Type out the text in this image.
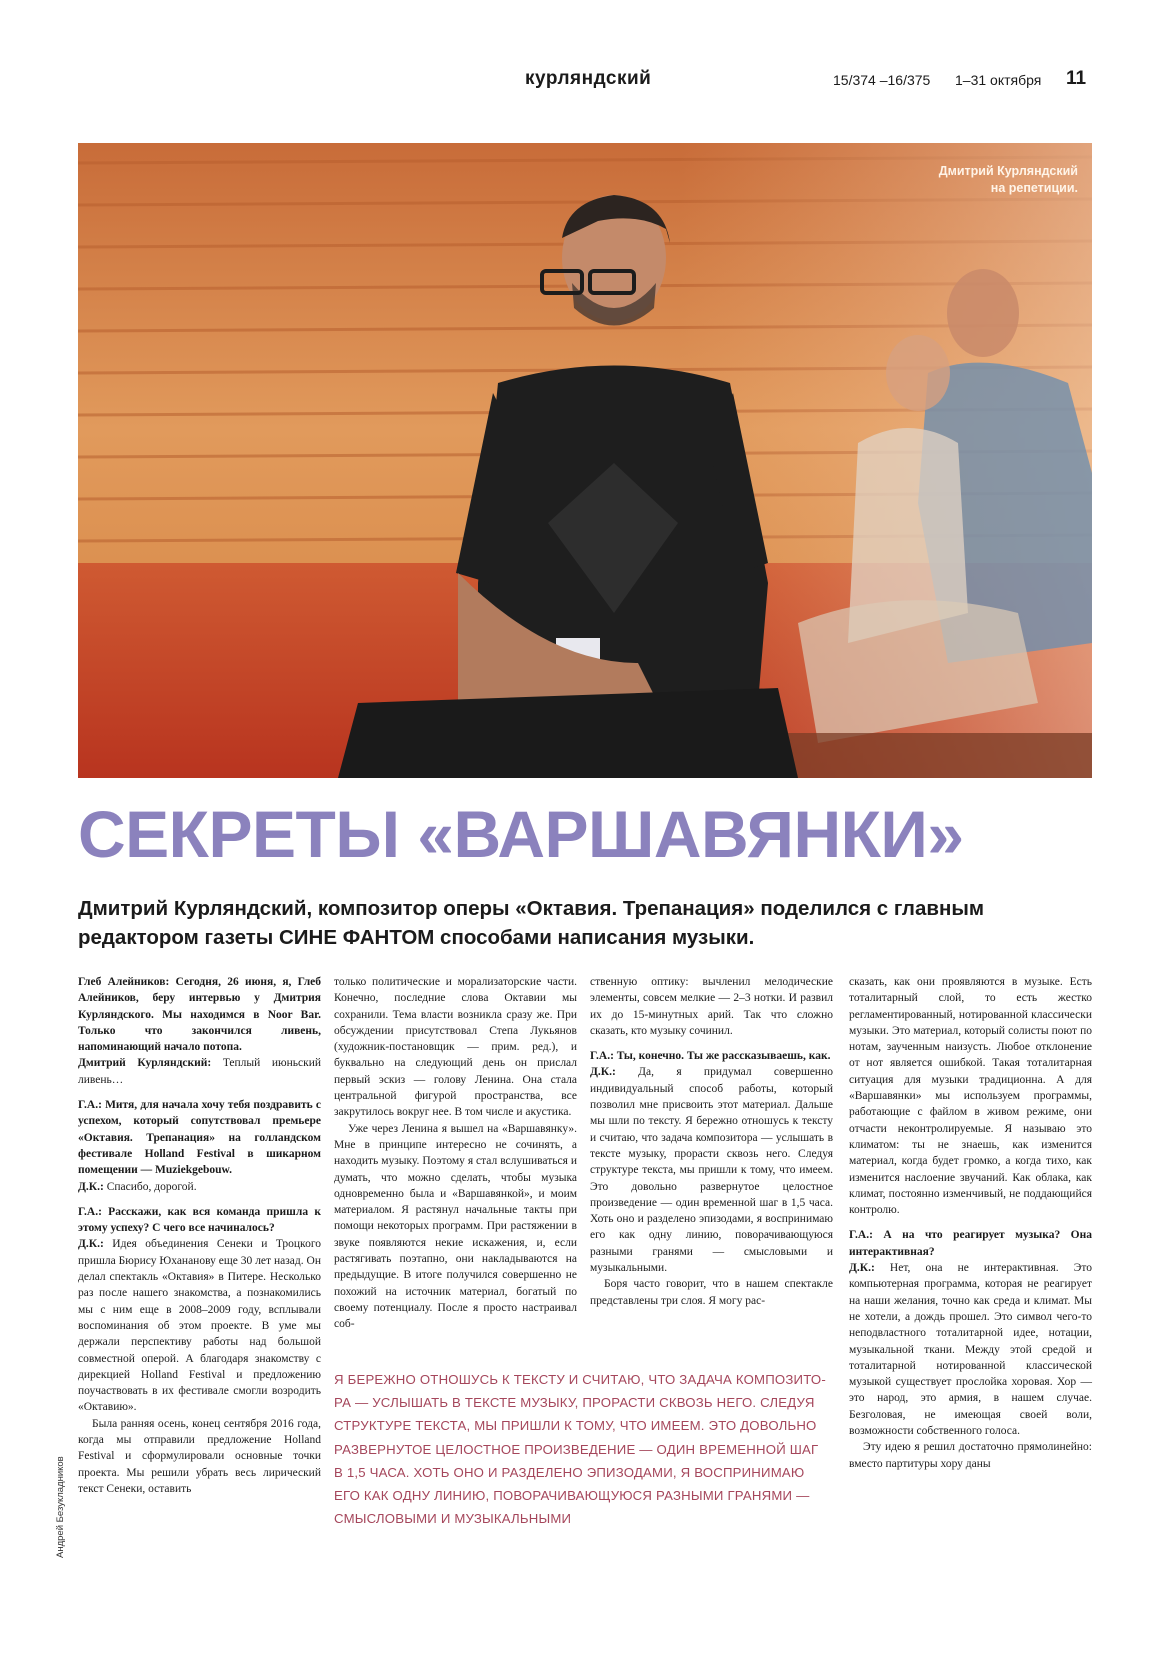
курляндский	15/374 –16/375 1–31 октября 11
Дмитрий Курляндский
на репетиции.
СЕКРЕТЫ «ВАРШАВЯНКИ»
Дмитрий Курляндский, композитор оперы «Октавия. Трепанация» поделился с главным редактором газеты СИНЕ ФАНТОМ способами написания музыки.

Глеб Алейников: Сегодня, 26 июня, я, Глеб Алейников, беру интервью у Дмитрия Курляндского. Мы находимся в Noor Bar. Только что закончился ливень, напоминающий начало потопа.

Дмитрий Курляндский: Теплый июньский ливень…

Г.А.: Митя, для начала хочу тебя поздравить с успехом, который сопутствовал премьере «Октавия. Трепанация» на голландском фестивале Holland Festival в шикарном помещении — Muziekgebouw.

Д.К.: Спасибо, дорогой.

Г.А.: Расскажи, как вся команда пришла к этому успеху? С чего все начиналось?

Д.К.: Идея объединения Сенеки и Троцкого пришла Бюрису Юхананову еще 30 лет назад. Он делал спектакль «Октавия» в Питере. Несколько раз после нашего знакомства, а познакомились мы с ним еще в 2008–2009 году, всплывали воспоминания об этом проекте. В уме мы держали перспективу работы над большой совместной оперой. А благодаря знакомству с дирекцией Holland Festival и предложению поучаствовать в их фестивале смогли возродить «Октавию».

Была ранняя осень, конец сентября 2016 года, когда мы отправили предложение Holland Festival и сформулировали основные точки проекта. Мы решили убрать весь лирический текст Сенеки, оставить

только политические и морализаторские части. Конечно, последние слова Октавии мы сохранили. Тема власти возникла сразу же. При обсуждении присутствовал Степа Лукьянов (художник-постановщик — прим. ред.), и буквально на следующий день он прислал первый эскиз — голову Ленина. Она стала центральной фигурой пространства, все закрутилось вокруг нее. В том числе и акустика.

Уже через Ленина я вышел на «Варшавянку». Мне в принципе интересно не сочинять, а находить музыку. Поэтому я стал вслушиваться и думать, что можно сделать, чтобы музыка одновременно была и «Варшавянкой», и моим материалом. Я растянул начальные такты при помощи некоторых программ. При растяжении в звуке появляются некие искажения, и, если растягивать поэтапно, они накладываются на предыдущие. В итоге получился совершенно не похожий на источник материал, богатый по своему потенциалу. После я просто настраивал соб-

ственную оптику: вычленил мелодические элементы, совсем мелкие — 2–3 нотки. И развил их до 15-минутных арий. Так что сложно сказать, кто музыку сочинил.

Г.А.: Ты, конечно. Ты же рассказываешь, как.

Д.К.: Да, я придумал совершенно индивидуальный способ работы, который позволил мне присвоить этот материал. Дальше мы шли по тексту. Я бережно отношусь к тексту и считаю, что задача композитора — услышать в тексте музыку, прорасти сквозь него. Следуя структуре текста, мы пришли к тому, что имеем. Это довольно развернутое целостное произведение — один временной шаг в 1,5 часа. Хоть оно и разделено эпизодами, я воспринимаю его как одну линию, поворачивающуюся разными гранями — смысловыми и музыкальными.

Боря часто говорит, что в нашем спектакле представлены три слоя. Я могу рас-

сказать, как они проявляются в музыке. Есть тоталитарный слой, то есть жестко регламентированный, нотированной классически музыки. Это материал, который солисты поют по нотам, заученным наизусть. Любое отклонение от нот является ошибкой. Такая тоталитарная ситуация для музыки традиционна. А для «Варшавянки» мы используем программы, работающие с файлом в живом режиме, они отчасти неконтролируемые. Я называю это климатом: ты не знаешь, как изменится материал, когда будет громко, а когда тихо, как изменится наслоение звучаний. Как облака, как климат, постоянно изменчивый, не поддающийся контролю.

Г.А.: А на что реагирует музыка? Она интерактивная?

Д.К.: Нет, она не интерактивная. Это компьютерная программа, которая не реагирует на наши желания, точно как среда и климат. Мы не хотели, а дождь прошел. Это символ чего-то неподвластного тоталитарной идее, нотации, музыкальной ткани. Между этой средой и тоталитарной нотированной классической музыкой существует прослойка хоровая. Хор — это народ, это армия, в нашем случае. Безголовая, не имеющая своей воли, возможности собственного голоса.

Эту идею я решил достаточно прямолинейно: вместо партитуры хору даны

Я БЕРЕЖНО ОТНОШУСЬ К ТЕКСТУ И СЧИТАЮ, ЧТО ЗАДАЧА КОМПОЗИТО-
РА — УСЛЫШАТЬ В ТЕКСТЕ МУЗЫКУ, ПРОРАСТИ СКВОЗЬ НЕГО. СЛЕДУЯ
СТРУКТУРЕ ТЕКСТА, МЫ ПРИШЛИ К ТОМУ, ЧТО ИМЕЕМ. ЭТО ДОВОЛЬНО
РАЗВЕРНУТОЕ ЦЕЛОСТНОЕ ПРОИЗВЕДЕНИЕ — ОДИН ВРЕМЕННОЙ ШАГ
В 1,5 ЧАСА. ХОТЬ ОНО И РАЗДЕЛЕНО ЭПИЗОДАМИ, Я ВОСПРИНИМАЮ
ЕГО КАК ОДНУ ЛИНИЮ, ПОВОРАЧИВАЮЩУЮСЯ РАЗНЫМИ ГРАНЯМИ —
СМЫСЛОВЫМИ И МУЗЫКАЛЬНЫМИ
Андрей Безукладников
